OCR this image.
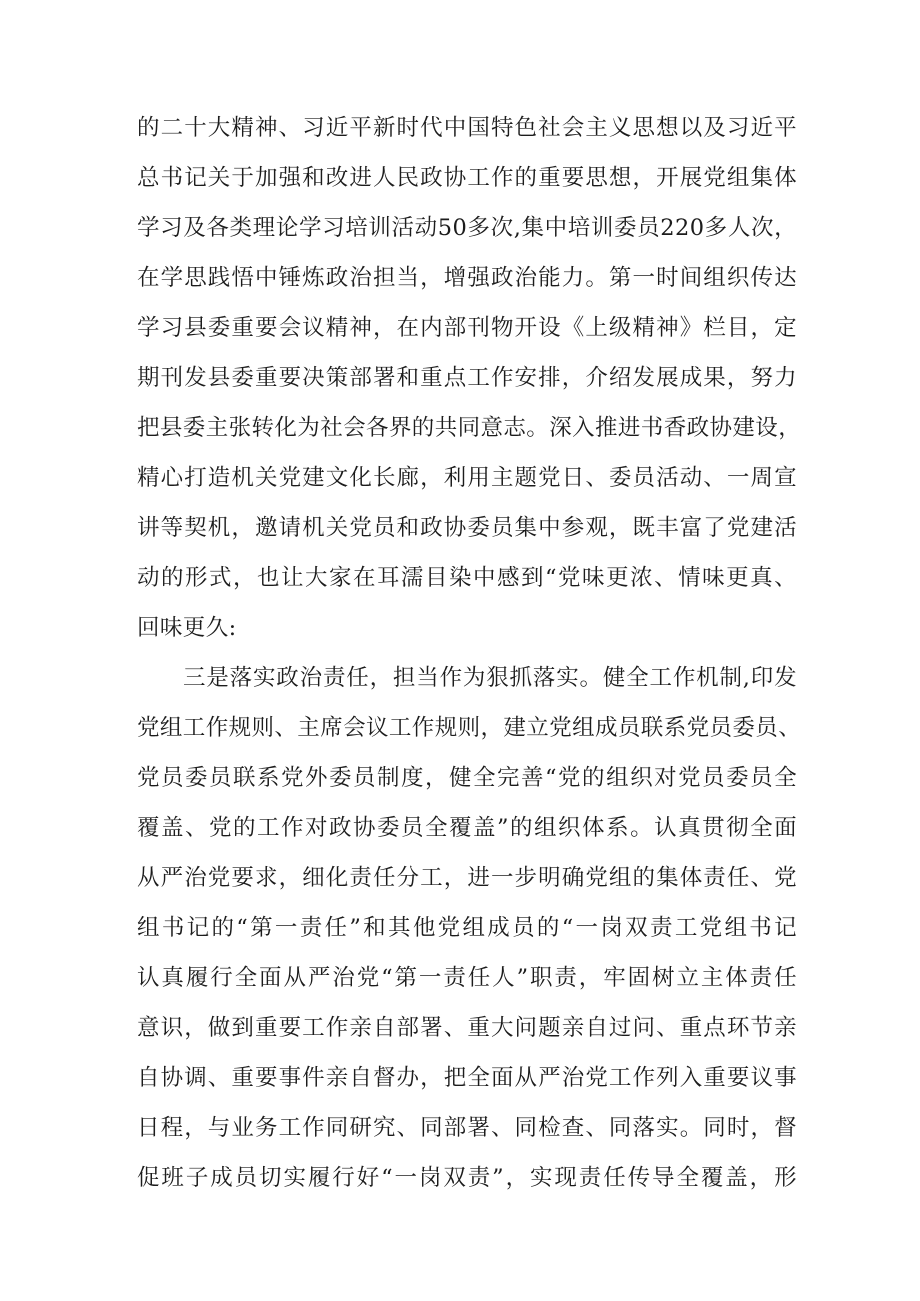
的二十大精神、习近平新时代中国特色社会主义思想以及习近平
总书记关于加强和改进人民政协工作的重要思想，开展党组集体
学习及各类理论学习培训活动50多次,集中培训委员220多人次，
在学思践悟中锤炼政治担当，增强政治能力。第一时间组织传达
学习县委重要会议精神，在内部刊物开设《上级精神》栏目，定
期刊发县委重要决策部署和重点工作安排，介绍发展成果，努力
把县委主张转化为社会各界的共同意志。深入推进书香政协建设，
精心打造机关党建文化长廊，利用主题党日、委员活动、一周宣
讲等契机，邀请机关党员和政协委员集中参观，既丰富了党建活
动的形式，也让大家在耳濡目染中感到“党味更浓、情味更真、
回味更久:
三是落实政治责任，担当作为狠抓落实。健全工作机制,印发
党组工作规则、主席会议工作规则，建立党组成员联系党员委员、
党员委员联系党外委员制度，健全完善“党的组织对党员委员全
覆盖、党的工作对政协委员全覆盖”的组织体系。认真贯彻全面
从严治党要求，细化责任分工，进一步明确党组的集体责任、党
组书记的“第一责任”和其他党组成员的“一岗双责工党组书记
认真履行全面从严治党“第一责任人”职责，牢固树立主体责任
意识，做到重要工作亲自部署、重大问题亲自过问、重点环节亲
自协调、重要事件亲自督办，把全面从严治党工作列入重要议事
日程，与业务工作同研究、同部署、同检查、同落实。同时，督
促班子成员切实履行好“一岗双责”，实现责任传导全覆盖，形
